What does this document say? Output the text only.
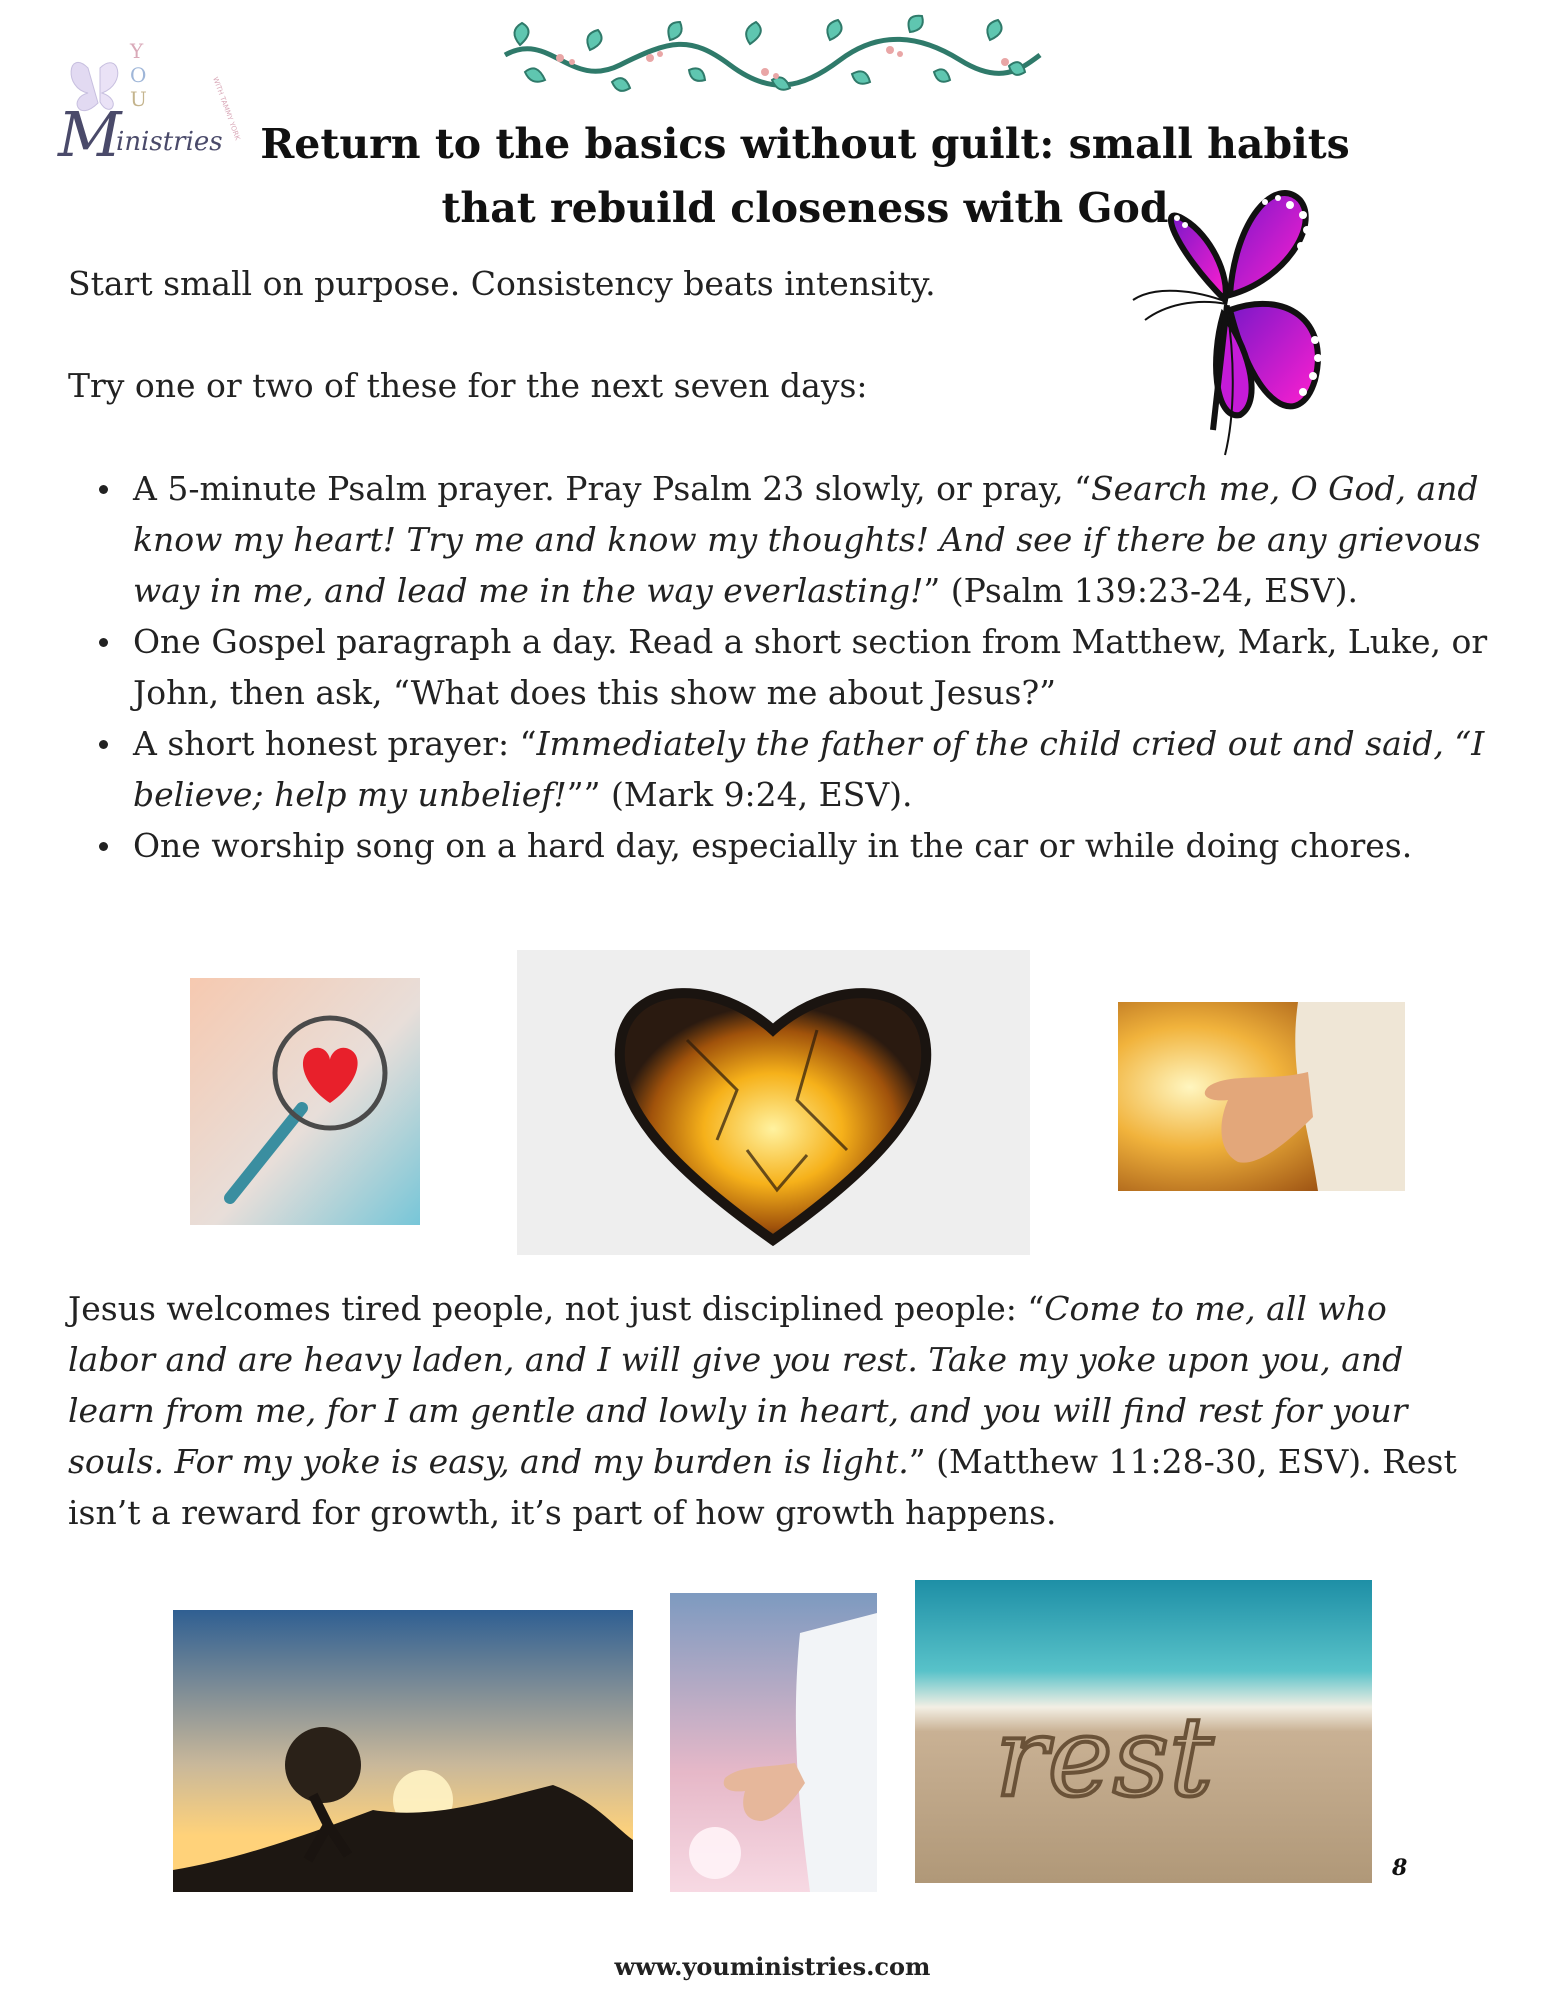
Y
O
U
M
inistries
WITH TAMMY YORK
Return to the basics without guilt: small habits that rebuild closeness with God
Start small on purpose. Consistency beats intensity.
Try one or two of these for the next seven days:
A 5-minute Psalm prayer. Pray Psalm 23 slowly, or pray, “Search me, O God, and know my heart! Try me and know my thoughts! And see if there be any grievous way in me, and lead me in the way everlasting!” (Psalm 139:23-24, ESV).
One Gospel paragraph a day. Read a short section from Matthew, Mark, Luke, or John, then ask, “What does this show me about Jesus?”
A short honest prayer: “Immediately the father of the child cried out and said, “I believe; help my unbelief!”” (Mark 9:24, ESV).
One worship song on a hard day, especially in the car or while doing chores.
Jesus welcomes tired people, not just disciplined people: “Come to me, all who labor and are heavy laden, and I will give you rest. Take my yoke upon you, and learn from me, for I am gentle and lowly in heart, and you will find rest for your souls. For my yoke is easy, and my burden is light.” (Matthew 11:28-30, ESV). Rest isn’t a reward for growth, it’s part of how growth happens.
rest
8
www.youministries.com
